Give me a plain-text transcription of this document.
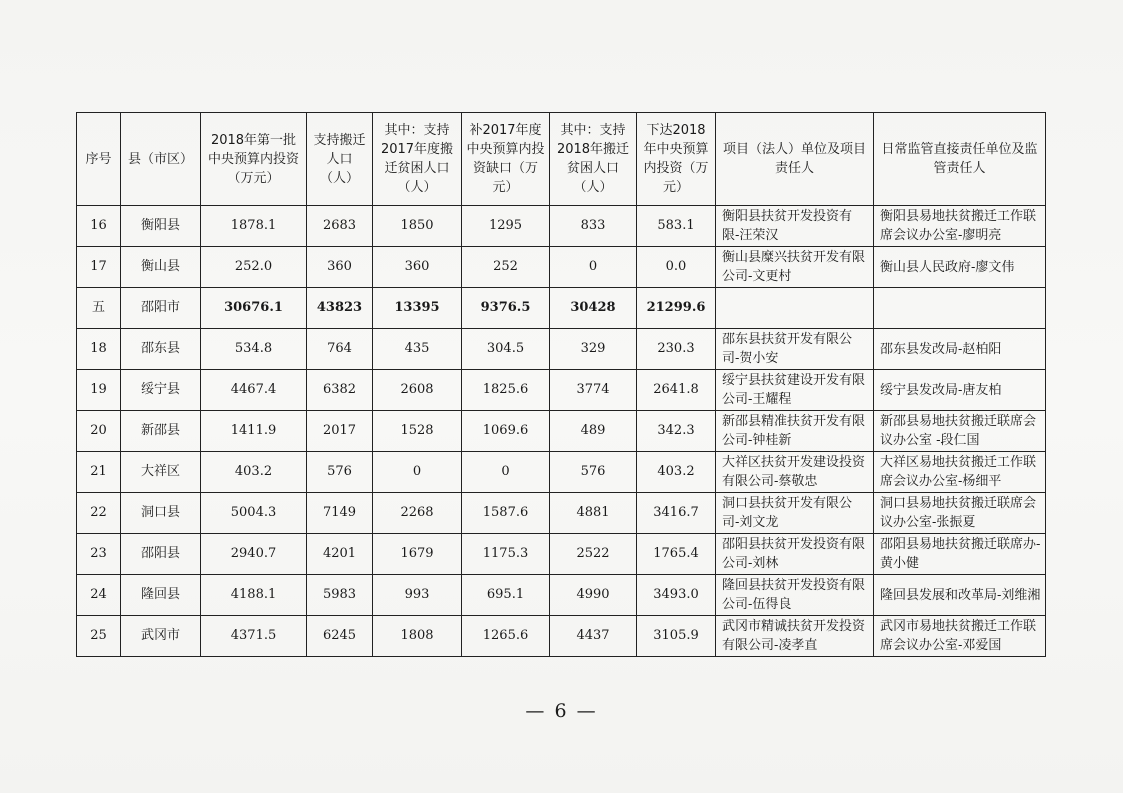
序号	县（市区）	2018年第一批中央预算内投资（万元）	支持搬迁人口（人）	其中：支持2017年度搬迁贫困人口（人）	补2017年度中央预算内投资缺口（万元）	其中：支持2018年搬迁贫困人口（人）	下达2018年中央预算内投资（万元）	项目（法人）单位及项目责任人	日常监管直接责任单位及监管责任人
16	衡阳县	1878.1	2683	1850	1295	833	583.1	衡阳县扶贫开发投资有限-汪荣汉	衡阳县易地扶贫搬迁工作联席会议办公室-廖明亮
17	衡山县	252.0	360	360	252	0	0.0	衡山县糜兴扶贫开发有限公司-文更村	衡山县人民政府-廖文伟
五	邵阳市	30676.1	43823	13395	9376.5	30428	21299.6		
18	邵东县	534.8	764	435	304.5	329	230.3	邵东县扶贫开发有限公司-贺小安	邵东县发改局-赵柏阳
19	绥宁县	4467.4	6382	2608	1825.6	3774	2641.8	绥宁县扶贫建设开发有限公司-王耀程	绥宁县发改局-唐友柏
20	新邵县	1411.9	2017	1528	1069.6	489	342.3	新邵县精准扶贫开发有限公司-钟桂新	新邵县易地扶贫搬迁联席会议办公室 -段仁国
21	大祥区	403.2	576	0	0	576	403.2	大祥区扶贫开发建设投资有限公司-蔡敬忠	大祥区易地扶贫搬迁工作联席会议办公室-杨细平
22	洞口县	5004.3	7149	2268	1587.6	4881	3416.7	洞口县扶贫开发有限公司-刘文龙	洞口县易地扶贫搬迁联席会议办公室-张振夏
23	邵阳县	2940.7	4201	1679	1175.3	2522	1765.4	邵阳县扶贫开发投资有限公司-刘林	邵阳县易地扶贫搬迁联席办-黄小健
24	隆回县	4188.1	5983	993	695.1	4990	3493.0	隆回县扶贫开发投资有限公司-伍得良	隆回县发展和改革局-刘维湘
25	武冈市	4371.5	6245	1808	1265.6	4437	3105.9	武冈市精诚扶贫开发投资有限公司-凌孝直	武冈市易地扶贫搬迁工作联席会议办公室-邓爱国
— 6 —
